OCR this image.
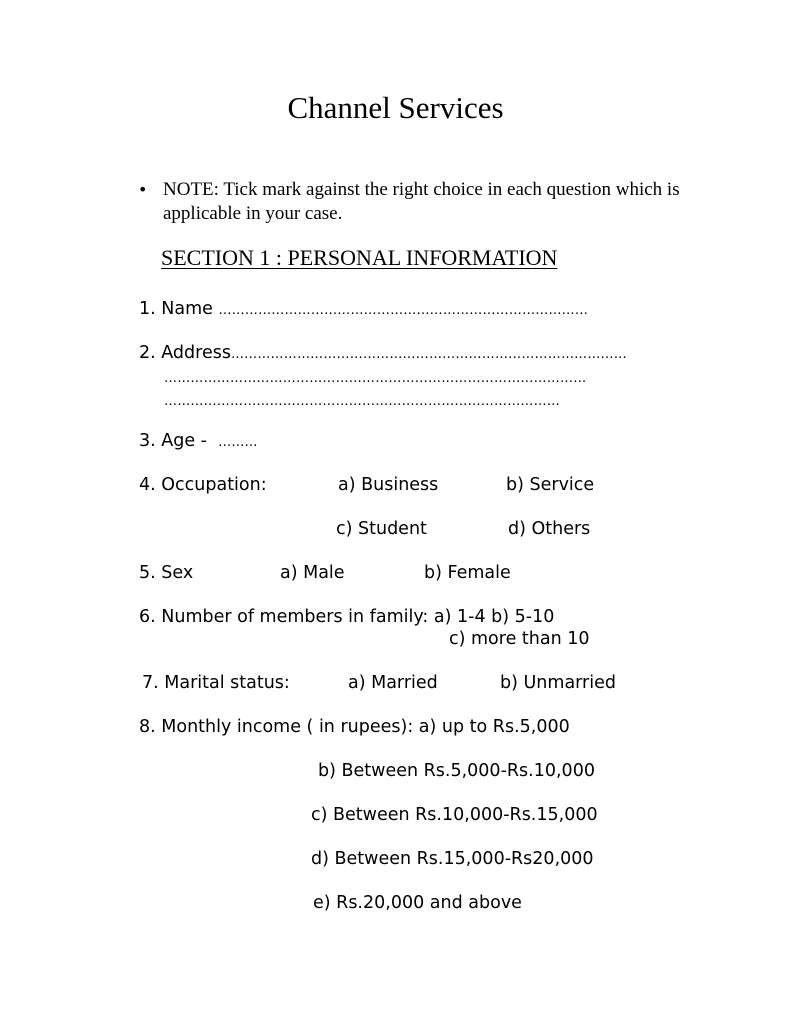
Channel Services
• NOTE: Tick mark against the right choice in each question which is applicable in your case.
SECTION 1 : PERSONAL INFORMATION
1. Name …………………………………………………………………………
2. Address………………………………………………………………………………
……………………………………………………………………………………
………………………………………………………………………………
3. Age - ………
4. Occupation:	a) Business	b) Service
c) Student	d) Others
5. Sex	a) Male	b) Female
6. Number of members in family: a) 1-4 b) 5-10
c) more than 10
7. Marital status:	a) Married	b) Unmarried
8. Monthly income ( in rupees): a) up to Rs.5,000
b) Between Rs.5,000-Rs.10,000
c) Between Rs.10,000-Rs.15,000
d) Between Rs.15,000-Rs20,000
e) Rs.20,000 and above
